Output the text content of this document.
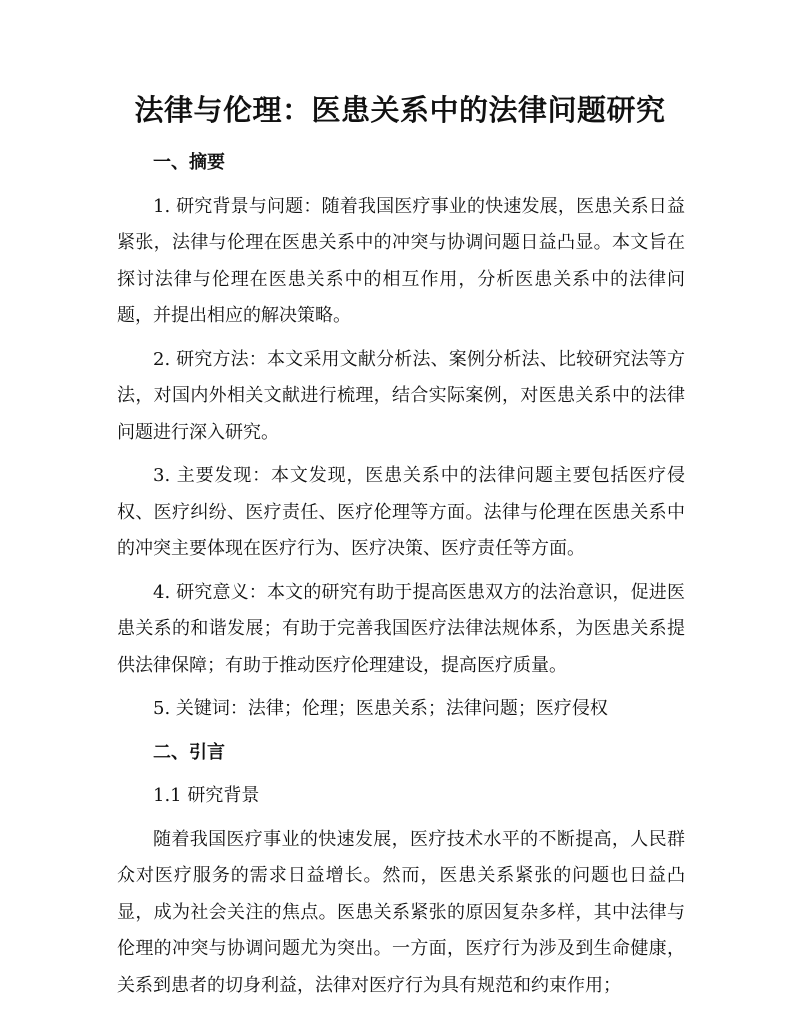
法律与伦理：医患关系中的法律问题研究

一、摘要

1. 研究背景与问题：随着我国医疗事业的快速发展，医患关系日益紧张，法律与伦理在医患关系中的冲突与协调问题日益凸显。本文旨在探讨法律与伦理在医患关系中的相互作用，分析医患关系中的法律问题，并提出相应的解决策略。

2. 研究方法：本文采用文献分析法、案例分析法、比较研究法等方法，对国内外相关文献进行梳理，结合实际案例，对医患关系中的法律问题进行深入研究。

3. 主要发现：本文发现，医患关系中的法律问题主要包括医疗侵权、医疗纠纷、医疗责任、医疗伦理等方面。法律与伦理在医患关系中的冲突主要体现在医疗行为、医疗决策、医疗责任等方面。

4. 研究意义：本文的研究有助于提高医患双方的法治意识，促进医患关系的和谐发展；有助于完善我国医疗法律法规体系，为医患关系提供法律保障；有助于推动医疗伦理建设，提高医疗质量。

5. 关键词：法律；伦理；医患关系；法律问题；医疗侵权

二、引言

1.1 研究背景

随着我国医疗事业的快速发展，医疗技术水平的不断提高，人民群众对医疗服务的需求日益增长。然而，医患关系紧张的问题也日益凸显，成为社会关注的焦点。医患关系紧张的原因复杂多样，其中法律与伦理的冲突与协调问题尤为突出。一方面，医疗行为涉及到生命健康，关系到患者的切身利益，法律对医疗行为具有规范和约束作用；
